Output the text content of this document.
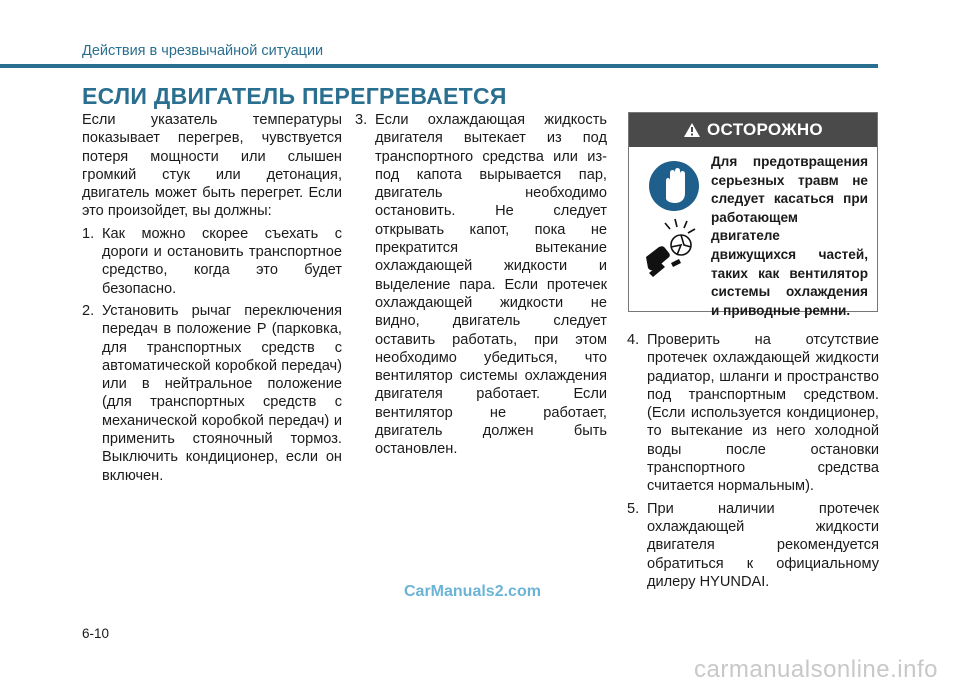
Действия в чрезвычайной ситуации
ЕСЛИ ДВИГАТЕЛЬ ПЕРЕГРЕВАЕТСЯ

Если указатель температуры показывает перегрев, чувствуется потеря мощности или слышен громкий стук или детонация, двигатель может быть перегрет. Если это произойдет, вы должны:

1. Как можно скорее съехать с дороги и остановить транспортное средство, когда это будет безопасно.
2. Установить рычаг переключения передач в положение P (парковка, для транспортных средств с автоматической коробкой передач) или в нейтральное положение (для транспортных средств с механической коробкой передач) и применить стояночный тормоз. Выключить кондиционер, если он включен.
3. Если охлаждающая жидкость двигателя вытекает из под транспортного средства или из-под капота вырывается пар, двигатель необходимо остановить. Не следует открывать капот, пока не прекратится вытекание охлаждающей жидкости и выделение пара. Если протечек охлаждающей жидкости не видно, двигатель следует оставить работать, при этом необходимо убедиться, что вентилятор системы охлаждения двигателя работает. Если вентилятор не работает, двигатель должен быть остановлен.
ОСТОРОЖНО
Для предотвращения серьезных травм не следует касаться при работающем двигателе движущихся частей, таких как вентилятор системы охлаждения и приводные ремни.
4. Проверить на отсутствие протечек охлаждающей жидкости радиатор, шланги и пространство под транспортным средством. (Если используется кондиционер, то вытекание из него холодной воды после остановки транспортного средства считается нормальным).
5. При наличии протечек охлаждающей жидкости двигателя рекомендуется обратиться к официальному дилеру HYUNDAI.
CarManuals2.com
6-10
carmanualsonline.info
